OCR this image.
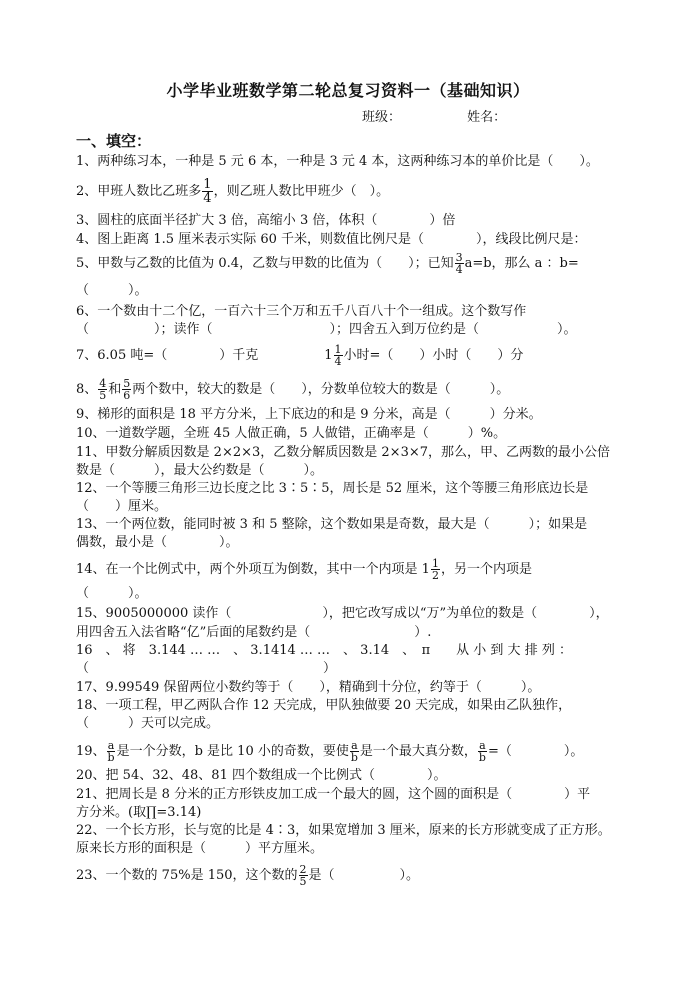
小学毕业班数学第二轮总复习资料一（基础知识）
班级：	姓名：
一、填空：
1、两种练习本，一种是 5 元 6 本，一种是 3 元 4 本，这两种练习本的单价比是（　　）。
2、甲班人数比乙班多 $\frac{1}{4}$ ，则乙班人数比甲班少（　）。
3、圆柱的底面半径扩大 3 倍，高缩小 3 倍，体积（　　　　）倍
4、图上距离 1.5 厘米表示实际 60 千米，则数值比例尺是（　　　　），线段比例尺是：
5、甲数与乙数的比值为 0.4，乙数与甲数的比值为（　　）；已知 $\frac{3}{4} a=b$，那么 a ：b=
（　　　）。
6、一个数由十二个亿，一百六十三个万和五千八百八十个一组成。这个数写作
（　　　　　）；读作（　　　　　　　　　）；四舍五入到万位约是（　　　　　　）。
7、6.05 吨=（　　　　）千克	$1 \frac{1}{4}$ 小时=（　　）小时（　　）分
8、 $\frac{4}{5}$ 和 $\frac{5}{6}$ 两个数中，较大的数是（　　），分数单位较大的数是（　　　）。
9、梯形的面积是 18 平方分米，上下底边的和是 9 分米，高是（　　　）分米。
10、一道数学题，全班 45 人做正确，5 人做错，正确率是（　　　）%。
11、甲数分解质因数是 2×2×3，乙数分解质因数是 2×3×7，那么，甲、乙两数的最小公倍
数是（　　　），最大公约数是（　　　）。
12、一个等腰三角形三边长度之比 3∶5∶5，周长是 52 厘米，这个等腰三角形底边长是
（　　）厘米。
13、一个两位数，能同时被 3 和 5 整除，这个数如果是奇数，最大是（　　　）；如果是
偶数，最小是（　　　　）。
14、在一个比例式中，两个外项互为倒数，其中一个内项是 $1 \frac{1}{2}$ ，另一个内项是
（　　　）。
15、9005000000 读作（　　　　　　　），把它改写成以“万”为单位的数是（　　　　），
用四舍五入法省略“亿”后面的尾数约是（　　　　　　　　）.
16　、 将　3.144 … …　、 3.1414 … …　、 3.14　、　π　　从 小 到 大 排 列 ：
（　　　　　　　　　　　　　　　　　　）
17、9.99549 保留两位小数约等于（　　），精确到十分位，约等于（　　　）。
18、一项工程，甲乙两队合作 12 天完成，甲队独做要 20 天完成，如果由乙队独作，
（　　　）天可以完成。
19、 $\frac{a}{b}$ 是一个分数，b 是比 10 小的奇数，要使 $\frac{a}{b}$ 是一个最大真分数， $\frac{a}{b}$ =（　　　　）。
20、把 54、32、48、81 四个数组成一个比例式（　　　　）。
21、把周长是 8 分米的正方形铁皮加工成一个最大的圆，这个圆的面积是（　　　　）平
方分米。(取∏=3.14)
22、一个长方形，长与宽的比是 4∶3，如果宽增加 3 厘米，原来的长方形就变成了正方形。
原来长方形的面积是（　　　）平方厘米。
23、一个数的 75%是 150，这个数的 $\frac{2}{5}$ 是（　　　　　）。
